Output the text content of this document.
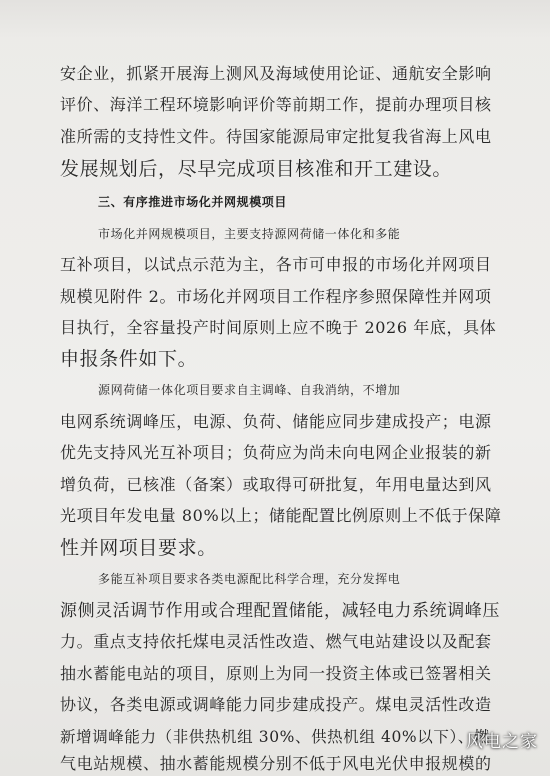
安企业，抓紧开展海上测风及海域使用论证、通航安全影响
评价、海洋工程环境影响评价等前期工作，提前办理项目核
准所需的支持性文件。待国家能源局审定批复我省海上风电
发展规划后，尽早完成项目核准和开工建设。
三、有序推进市场化并网规模项目
市场化并网规模项目，主要支持源网荷储一体化和多能
互补项目，以试点示范为主，各市可申报的市场化并网项目
规模见附件 2。市场化并网项目工作程序参照保障性并网项
目执行，全容量投产时间原则上应不晚于 2026 年底，具体
申报条件如下。
源网荷储一体化项目要求自主调峰、自我消纳，不增加
电网系统调峰压，电源、负荷、储能应同步建成投产；电源
优先支持风光互补项目；负荷应为尚未向电网企业报装的新
增负荷，已核准（备案）或取得可研批复，年用电量达到风
光项目年发电量 80%以上；储能配置比例原则上不低于保障
性并网项目要求。
多能互补项目要求各类电源配比科学合理，充分发挥电
源侧灵活调节作用或合理配置储能，减轻电力系统调峰压
力。重点支持依托煤电灵活性改造、燃气电站建设以及配套
抽水蓄能电站的项目，原则上为同一投资主体或已签署相关
协议，各类电源或调峰能力同步建成投产。煤电灵活性改造
新增调峰能力（非供热机组 30%、供热机组 40%以下）、燃
气电站规模、抽水蓄能规模分别不低于风电光伏申报规模的
风电之家
